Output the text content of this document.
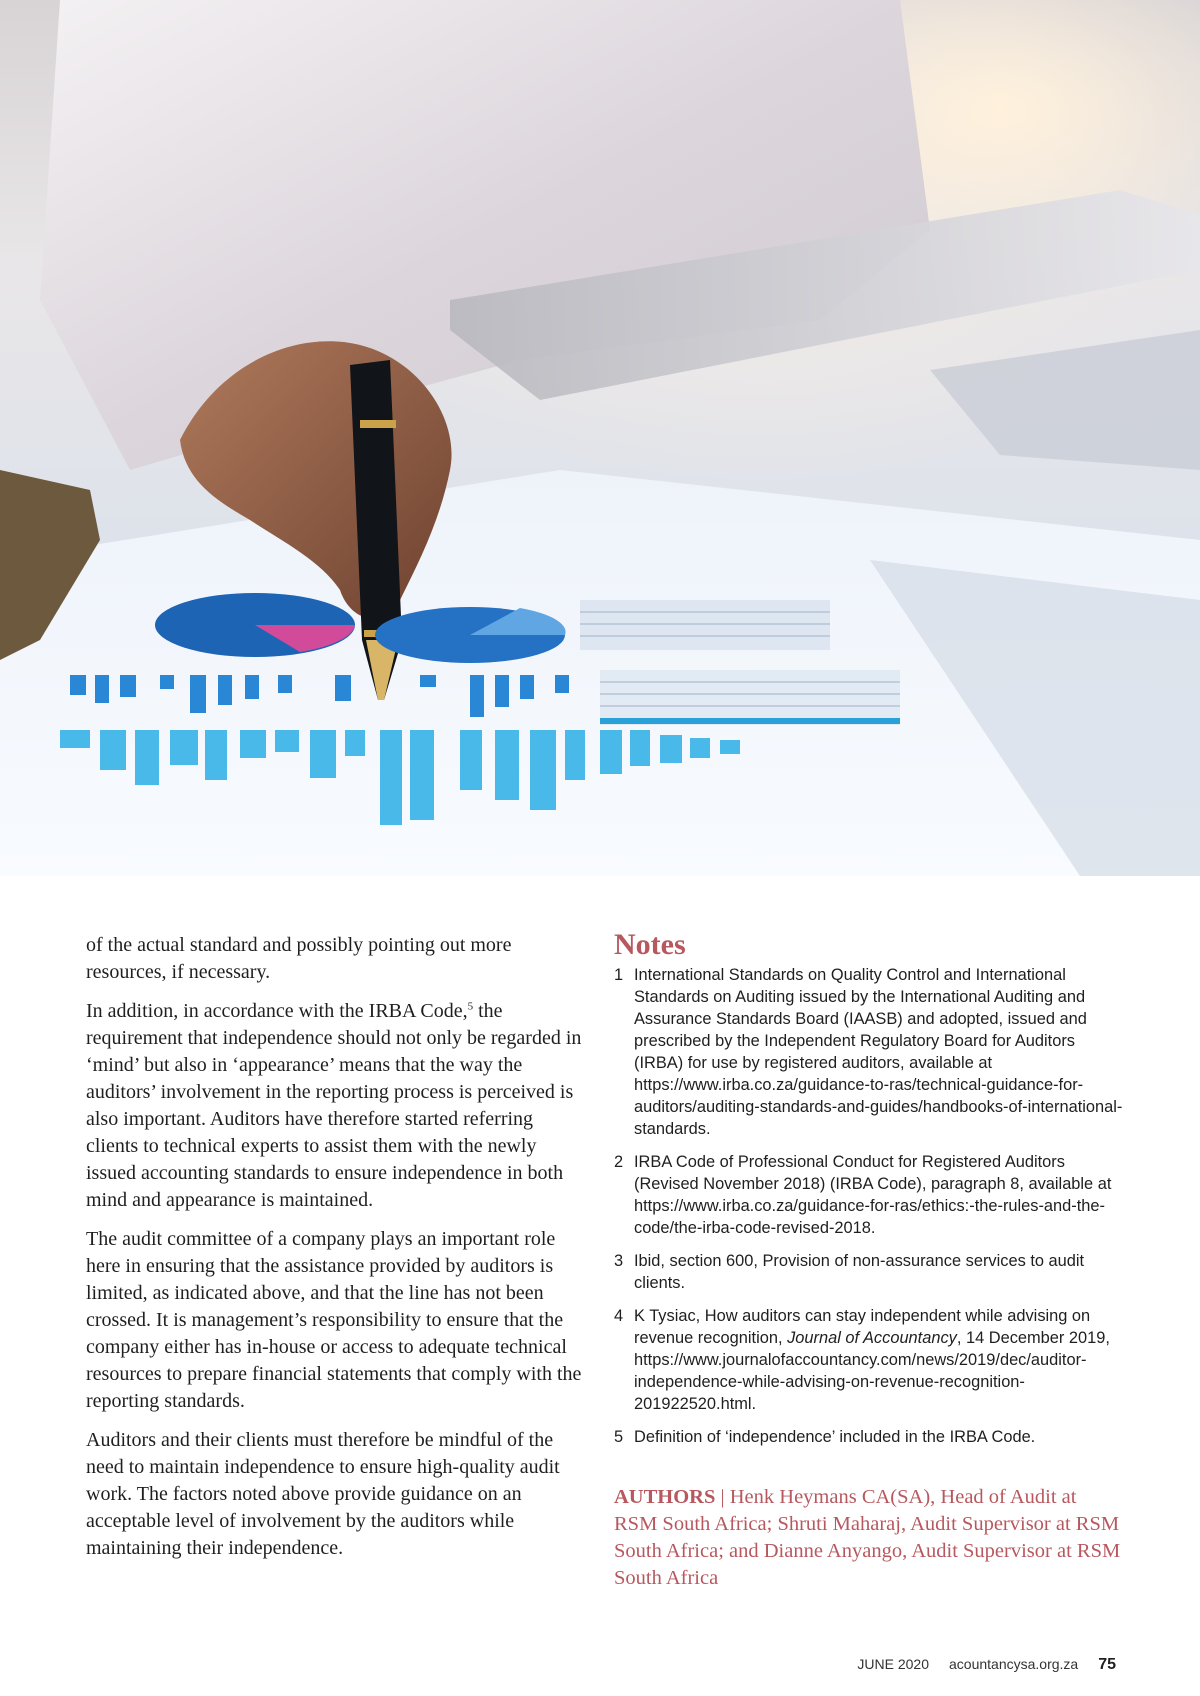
of the actual standard and possibly pointing out more resources, if necessary.

In addition, in accordance with the IRBA Code,$^5$ the requirement that independence should not only be regarded in ‘mind’ but also in ‘appearance’ means that the way the auditors’ involvement in the reporting process is perceived is also important. Auditors have therefore started referring clients to technical experts to assist them with the newly issued accounting standards to ensure independence in both mind and appearance is maintained.

The audit committee of a company plays an important role here in ensuring that the assistance provided by auditors is limited, as indicated above, and that the line has not been crossed. It is management’s responsibility to ensure that the company either has in-house or access to adequate technical resources to prepare financial statements that comply with the reporting standards.

Auditors and their clients must therefore be mindful of the need to maintain independence to ensure high-quality audit work. The factors noted above provide guidance on an acceptable level of involvement by the auditors while maintaining their independence.

Notes
1 International Standards on Quality Control and International Standards on Auditing issued by the International Auditing and Assurance Standards Board (IAASB) and adopted, issued and prescribed by the Independent Regulatory Board for Auditors (IRBA) for use by registered auditors, available at https://www.irba.co.za/guidance-to-ras/technical-guidance-for-auditors/auditing-standards-and-guides/handbooks-of-international-standards.
2 IRBA Code of Professional Conduct for Registered Auditors (Revised November 2018) (IRBA Code), paragraph 8, available at https://www.irba.co.za/guidance-for-ras/ethics:-the-rules-and-the-code/the-irba-code-revised-2018.
3 Ibid, section 600, Provision of non-assurance services to audit clients.
4 K Tysiac, How auditors can stay independent while advising on revenue recognition, Journal of Accountancy, 14 December 2019, https://www.journalofaccountancy.com/news/2019/dec/auditor-independence-while-advising-on-revenue-recognition-201922520.html.
5 Definition of ‘independence’ included in the IRBA Code.
AUTHORS | Henk Heymans CA(SA), Head of Audit at RSM South Africa; Shruti Maharaj, Audit Supervisor at RSM South Africa; and Dianne Anyango, Audit Supervisor at RSM South Africa
JUNE 2020 acountancysa.org.za 75
